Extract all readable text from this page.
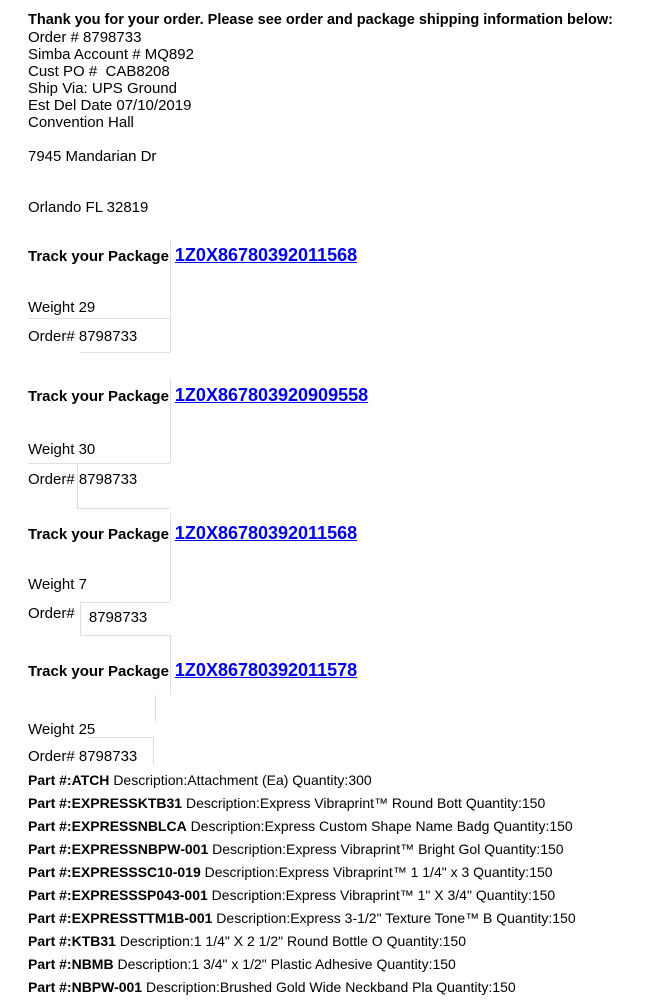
Thank you for your order. Please see order and package shipping information below:
Order # 8798733
Simba Account # MQ892
Cust PO #  CAB8208
Ship Via: UPS Ground
Est Del Date 07/10/2019
Convention Hall
7945 Mandarian Dr
Orlando FL 32819
Track your Package 1Z0X86780392011568
Weight 29
Order# 8798733
Track your Package 1Z0X867803920909558
Weight 30
Order# 8798733
Track your Package 1Z0X86780392011568
Weight 7
Order# 8798733
Track your Package 1Z0X86780392011578
Weight 25
Order# 8798733
Part #:ATCH Description:Attachment (Ea) Quantity:300
Part #:EXPRESSKTB31 Description:Express Vibraprint™ Round Bott Quantity:150
Part #:EXPRESSNBLCA Description:Express Custom Shape Name Badg Quantity:150
Part #:EXPRESSNBPW-001 Description:Express Vibraprint™ Bright Gol Quantity:150
Part #:EXPRESSSC10-019 Description:Express Vibraprint™ 1 1/4" x 3 Quantity:150
Part #:EXPRESSSP043-001 Description:Express Vibraprint™ 1" X 3/4" Quantity:150
Part #:EXPRESSTTM1B-001 Description:Express 3-1/2" Texture Tone™ B Quantity:150
Part #:KTB31 Description:1 1/4" X 2 1/2" Round Bottle O Quantity:150
Part #:NBMB Description:1 3/4" x 1/2" Plastic Adhesive Quantity:150
Part #:NBPW-001 Description:Brushed Gold Wide Neckband Pla Quantity:150
